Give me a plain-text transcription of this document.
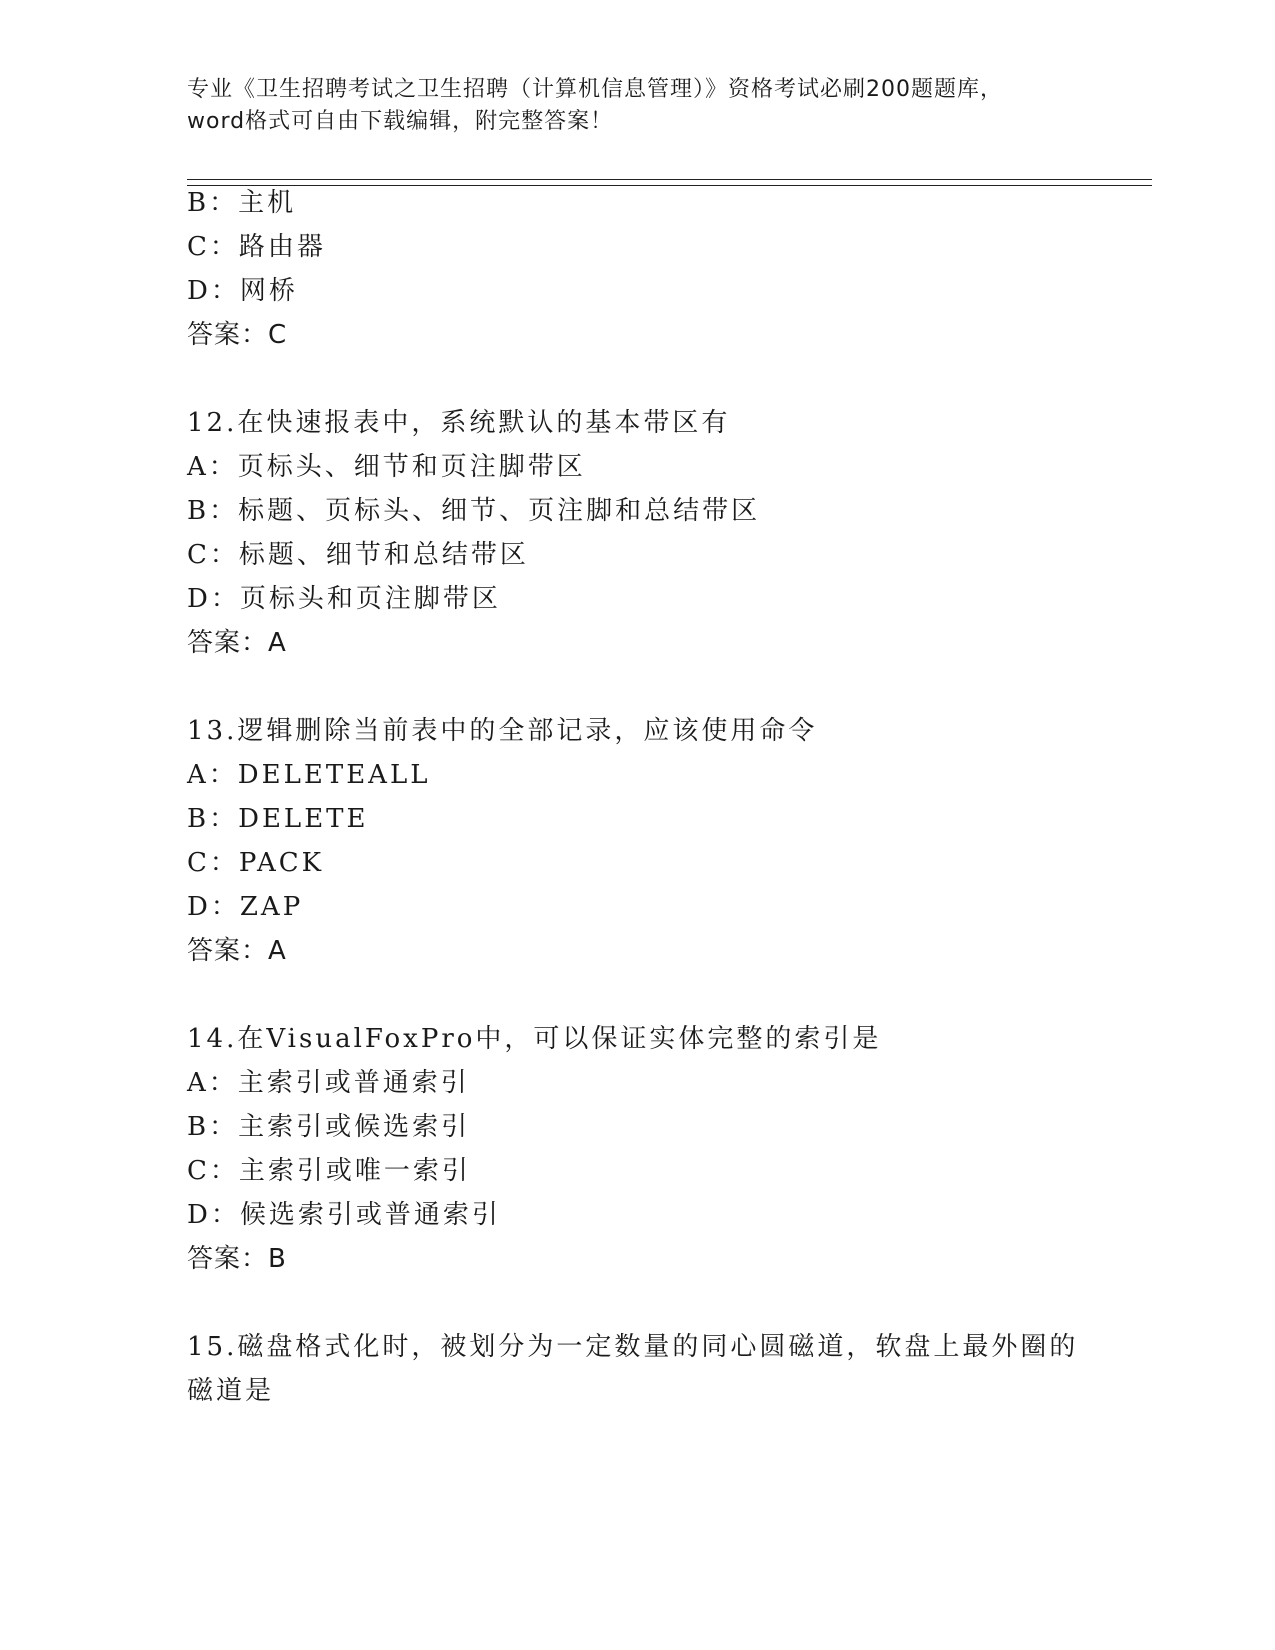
专业《卫生招聘考试之卫生招聘（计算机信息管理）》资格考试必刷200题题库，
word格式可自由下载编辑，附完整答案！
B：主机
C：路由器
D：网桥
答案：C
12.在快速报表中，系统默认的基本带区有
A：页标头、细节和页注脚带区
B：标题、页标头、细节、页注脚和总结带区
C：标题、细节和总结带区
D：页标头和页注脚带区
答案：A
13.逻辑删除当前表中的全部记录，应该使用命令
A：DELETEALL
B：DELETE
C：PACK
D：ZAP
答案：A
14.在VisualFoxPro中，可以保证实体完整的索引是
A：主索引或普通索引
B：主索引或候选索引
C：主索引或唯一索引
D：候选索引或普通索引
答案：B
15.磁盘格式化时，被划分为一定数量的同心圆磁道，软盘上最外圈的
磁道是
